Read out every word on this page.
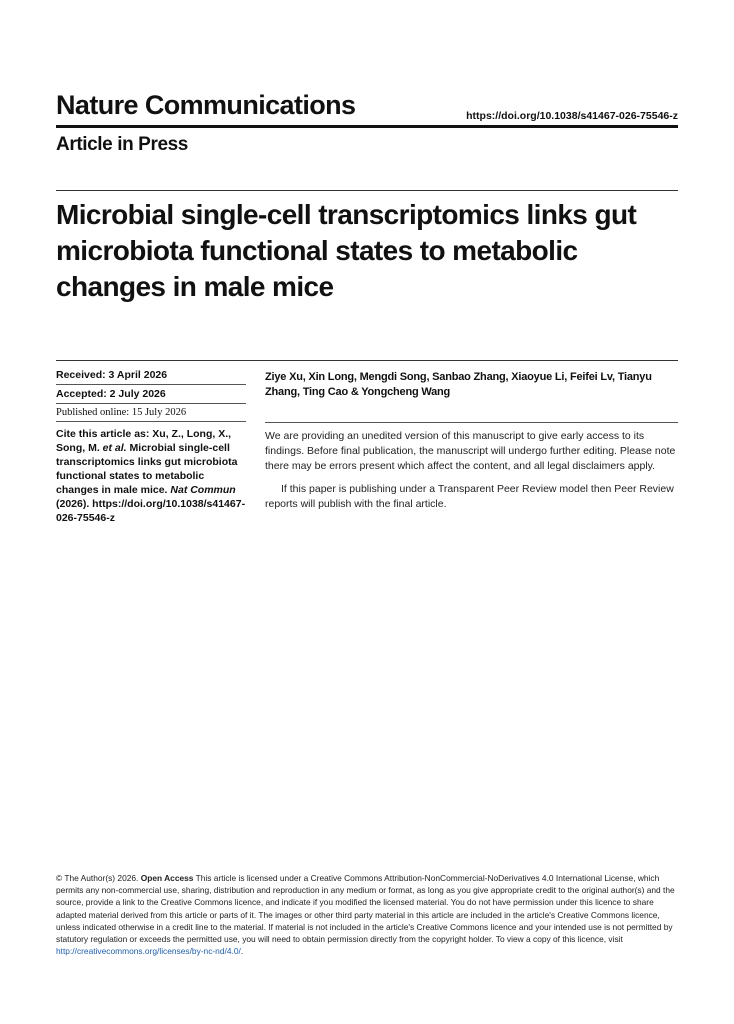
Nature Communications	https://doi.org/10.1038/s41467-026-75546-z
Article in Press
Microbial single-cell transcriptomics links gut microbiota functional states to metabolic changes in male mice
Received: 3 April 2026
Accepted: 2 July 2026
Published online: 15 July 2026
Cite this article as: Xu, Z., Long, X., Song, M. et al. Microbial single-cell transcriptomics links gut microbiota functional states to metabolic changes in male mice. Nat Commun (2026). https://doi.org/10.1038/s41467-026-75546-z
Ziye Xu, Xin Long, Mengdi Song, Sanbao Zhang, Xiaoyue Li, Feifei Lv, Tianyu Zhang, Ting Cao & Yongcheng Wang

We are providing an unedited version of this manuscript to give early access to its findings. Before final publication, the manuscript will undergo further editing. Please note there may be errors present which affect the content, and all legal disclaimers apply.

If this paper is publishing under a Transparent Peer Review model then Peer Review reports will publish with the final article.

© The Author(s) 2026. Open Access This article is licensed under a Creative Commons Attribution-NonCommercial-NoDerivatives 4.0 International License, which permits any non-commercial use, sharing, distribution and reproduction in any medium or format, as long as you give appropriate credit to the original author(s) and the source, provide a link to the Creative Commons licence, and indicate if you modified the licensed material. You do not have permission under this licence to share adapted material derived from this article or parts of it. The images or other third party material in this article are included in the article's Creative Commons licence, unless indicated otherwise in a credit line to the material. If material is not included in the article's Creative Commons licence and your intended use is not permitted by statutory regulation or exceeds the permitted use, you will need to obtain permission directly from the copyright holder. To view a copy of this licence, visit http://creativecommons.org/licenses/by-nc-nd/4.0/.
